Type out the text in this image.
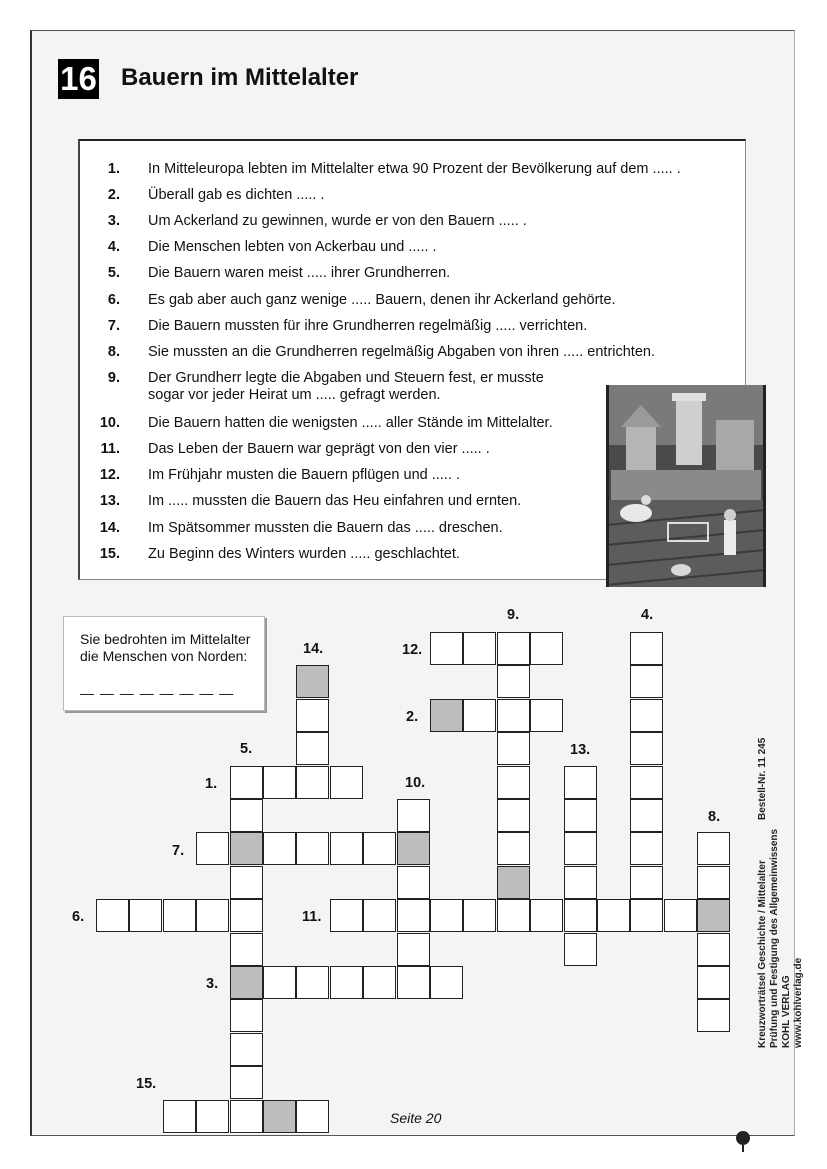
16 Bauern im Mittelalter
1. In Mitteleuropa lebten im Mittelalter etwa 90 Prozent der Bevölkerung auf dem ..... .
2. Überall gab es dichten ..... .
3. Um Ackerland zu gewinnen, wurde er von den Bauern ..... .
4. Die Menschen lebten von Ackerbau und ..... .
5. Die Bauern waren meist ..... ihrer Grundherren.
6. Es gab aber auch ganz wenige ..... Bauern, denen ihr Ackerland gehörte.
7. Die Bauern mussten für ihre Grundherren regelmäßig ..... verrichten.
8. Sie mussten an die Grundherren regelmäßig Abgaben von ihren ..... entrichten.
9. Der Grundherr legte die Abgaben und Steuern fest, er musste sogar vor jeder Heirat um ..... gefragt werden.
10. Die Bauern hatten die wenigsten ..... aller Stände im Mittelalter.
11. Das Leben der Bauern war geprägt von den vier ..... .
12. Im Frühjahr musten die Bauern pflügen und ..... .
13. Im ..... mussten die Bauern das Heu einfahren und ernten.
14. Im Spätsommer mussten die Bauern das ..... dreschen.
15. Zu Beginn des Winters wurden ..... geschlachtet.
Sie bedrohten im Mittelalter die Menschen von Norden:
— — — — — — — —
1.
2.
3.
4.
5.
6.
7.
8.
9.
10.
11.
12.
13.
14.
15.
Bestell-Nr. 11 245
Kreuzworträtsel Geschichte / Mittelalter Prüfung und Festigung des Allgemeinwissens KOHL VERLAG www.kohlverlag.de
Seite 20
